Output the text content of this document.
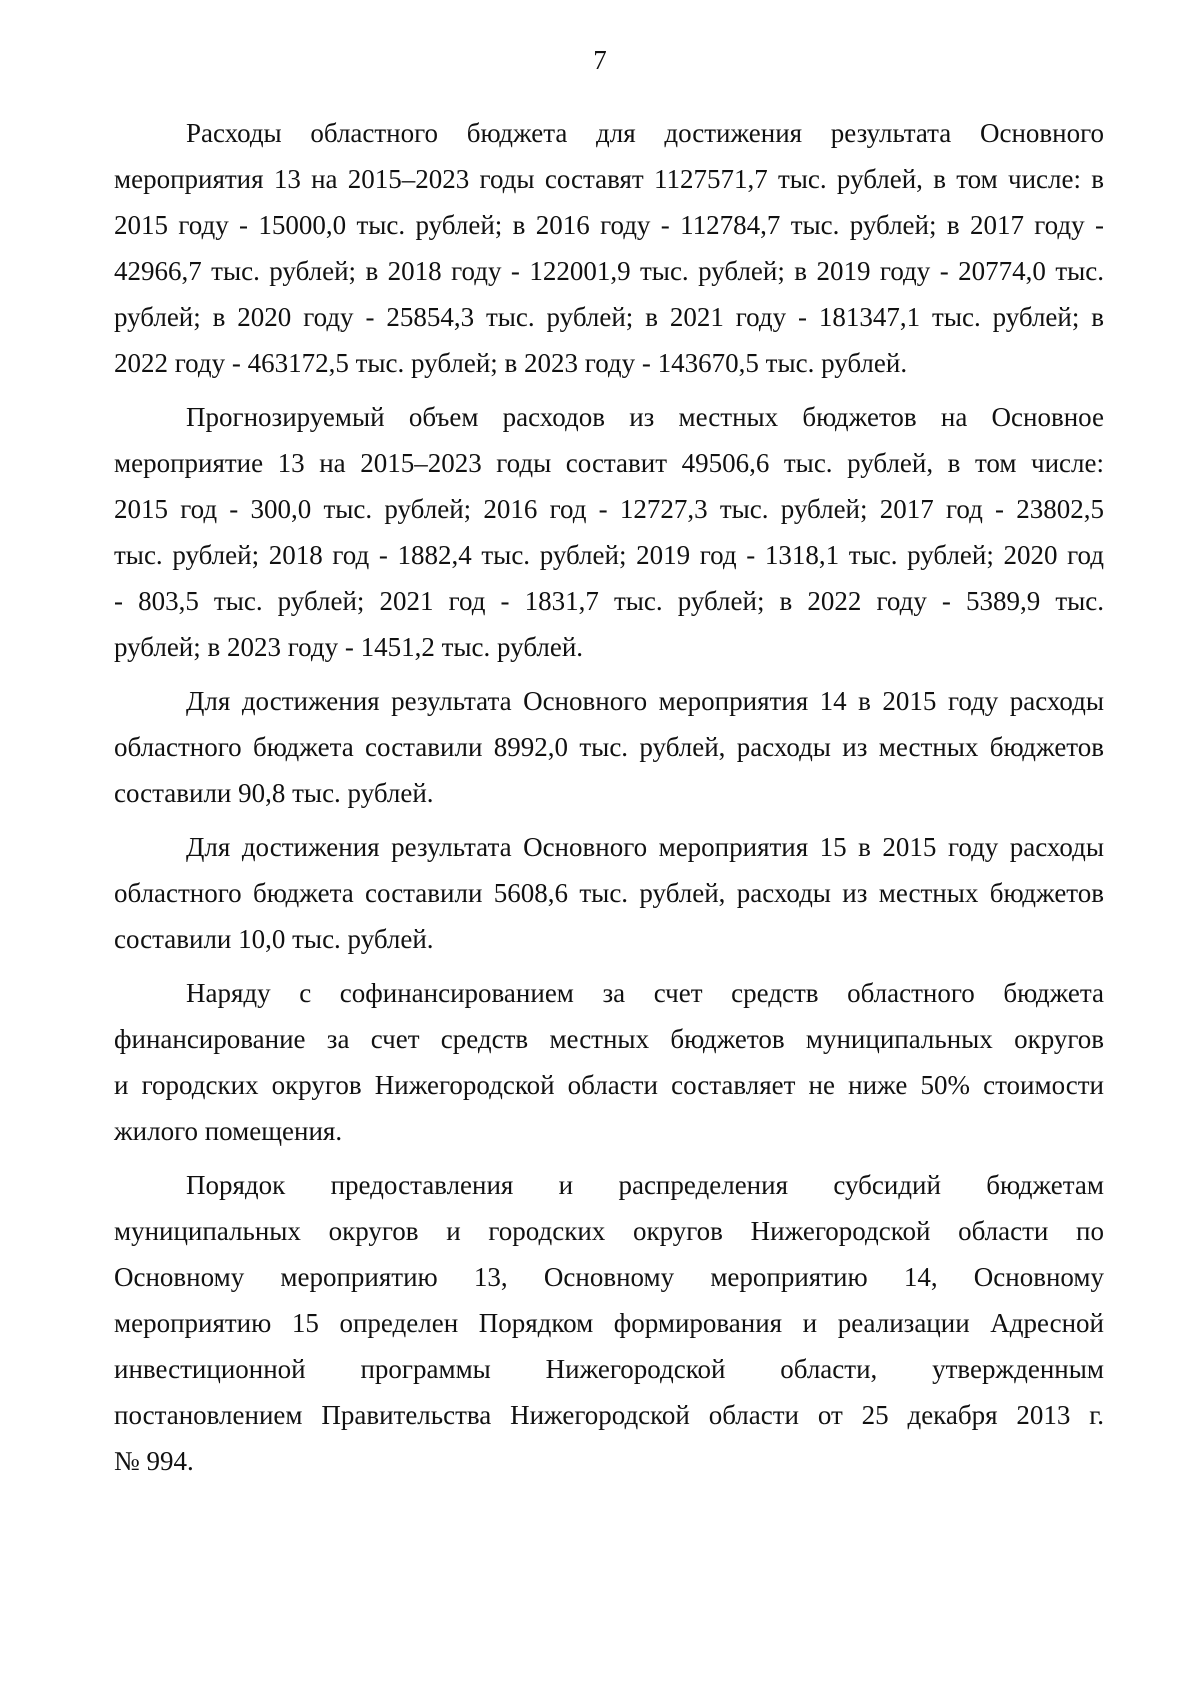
7
Расходы областного бюджета для достижения результата Основного
мероприятия 13 на 2015–2023 годы составят 1127571,7 тыс. рублей, в том числе: в
2015 году - 15000,0 тыс. рублей; в 2016 году - 112784,7 тыс. рублей; в 2017 году -
42966,7 тыс. рублей; в 2018 году - 122001,9 тыс. рублей; в 2019 году - 20774,0 тыс.
рублей; в 2020 году - 25854,3 тыс. рублей; в 2021 году - 181347,1 тыс. рублей; в
2022 году - 463172,5 тыс. рублей; в 2023 году - 143670,5 тыс. рублей.
Прогнозируемый объем расходов из местных бюджетов на Основное
мероприятие 13 на 2015–2023 годы составит 49506,6 тыс. рублей, в том числе:
2015 год - 300,0 тыс. рублей; 2016 год - 12727,3 тыс. рублей; 2017 год - 23802,5
тыс. рублей; 2018 год - 1882,4 тыс. рублей; 2019 год - 1318,1 тыс. рублей; 2020 год
- 803,5 тыс. рублей; 2021 год - 1831,7 тыс. рублей; в 2022 году - 5389,9 тыс.
рублей; в 2023 году - 1451,2 тыс. рублей.
Для достижения результата Основного мероприятия 14 в 2015 году расходы
областного бюджета составили 8992,0 тыс. рублей, расходы из местных бюджетов
составили 90,8 тыс. рублей.
Для достижения результата Основного мероприятия 15 в 2015 году расходы
областного бюджета составили 5608,6 тыс. рублей, расходы из местных бюджетов
составили 10,0 тыс. рублей.
Наряду с софинансированием за счет средств областного бюджета
финансирование за счет средств местных бюджетов муниципальных округов
и городских округов Нижегородской области составляет не ниже 50% стоимости
жилого помещения.
Порядок предоставления и распределения субсидий бюджетам
муниципальных округов и городских округов Нижегородской области по
Основному мероприятию 13, Основному мероприятию 14, Основному
мероприятию 15 определен Порядком формирования и реализации Адресной
инвестиционной программы Нижегородской области, утвержденным
постановлением Правительства Нижегородской области от 25 декабря 2013 г.
№ 994.
